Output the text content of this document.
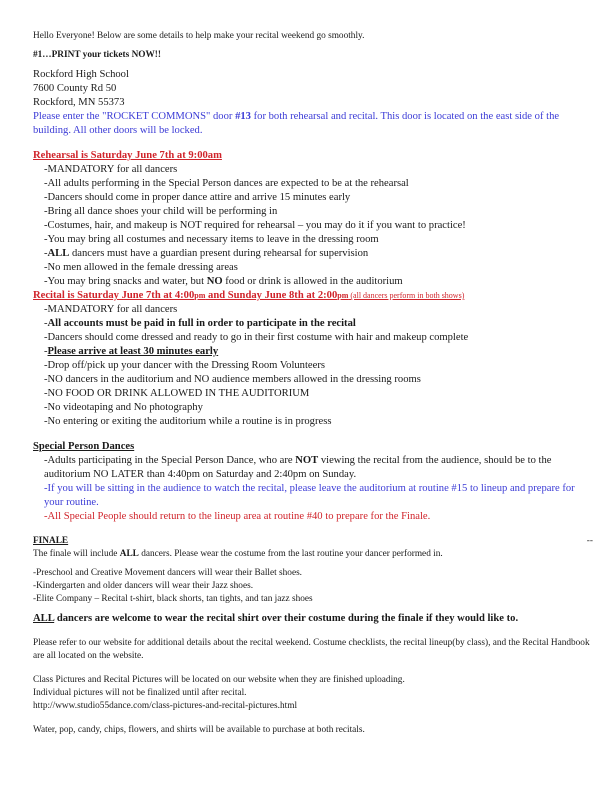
Hello Everyone! Below are some details to help make your recital weekend go smoothly.

#1…PRINT your tickets NOW!!

Rockford High School
7600 County Rd 50
Rockford, MN 55373

Please enter the "ROCKET COMMONS" door #13 for both rehearsal and recital. This door is located on the east side of the building. All other doors will be locked.

Rehearsal is Saturday June 7th at 9:00am

-MANDATORY for all dancers
-All adults performing in the Special Person dances are expected to be at the rehearsal
-Dancers should come in proper dance attire and arrive 15 minutes early
-Bring all dance shoes your child will be performing in
-Costumes, hair, and makeup is NOT required for rehearsal – you may do it if you want to practice!
-You may bring all costumes and necessary items to leave in the dressing room
-ALL dancers must have a guardian present during rehearsal for supervision
-No men allowed in the female dressing areas
-You may bring snacks and water, but NO food or drink is allowed in the auditorium

Recital is Saturday June 7th at 4:00pm and Sunday June 8th at 2:00pm (all dancers perform in both shows)

-MANDATORY for all dancers
-All accounts must be paid in full in order to participate in the recital
-Dancers should come dressed and ready to go in their first costume with hair and makeup complete
-Please arrive at least 30 minutes early
-Drop off/pick up your dancer with the Dressing Room Volunteers
-NO dancers in the auditorium and NO audience members allowed in the dressing rooms
-NO FOOD OR DRINK ALLOWED IN THE AUDITORIUM
-No videotaping and No photography
-No entering or exiting the auditorium while a routine is in progress

Special Person Dances

-Adults participating in the Special Person Dance, who are NOT viewing the recital from the audience, should be to the auditorium NO LATER than 4:40pm on Saturday and 2:40pm on Sunday.

-If you will be sitting in the audience to watch the recital, please leave the auditorium at routine #15 to lineup and prepare for your routine.

-All Special People should return to the lineup area at routine #40 to prepare for the Finale.

FINALE	--

The finale will include ALL dancers. Please wear the costume from the last routine your dancer performed in.

-Preschool and Creative Movement dancers will wear their Ballet shoes.
-Kindergarten and older dancers will wear their Jazz shoes.
-Elite Company – Recital t-shirt, black shorts, tan tights, and tan jazz shoes

ALL dancers are welcome to wear the recital shirt over their costume during the finale if they would like to.

Please refer to our website for additional details about the recital weekend. Costume checklists, the recital lineup(by class), and the Recital Handbook are all located on the website.

Class Pictures and Recital Pictures will be located on our website when they are finished uploading.
Individual pictures will not be finalized until after recital.
http://www.studio55dance.com/class-pictures-and-recital-pictures.html

Water, pop, candy, chips, flowers, and shirts will be available to purchase at both recitals.
